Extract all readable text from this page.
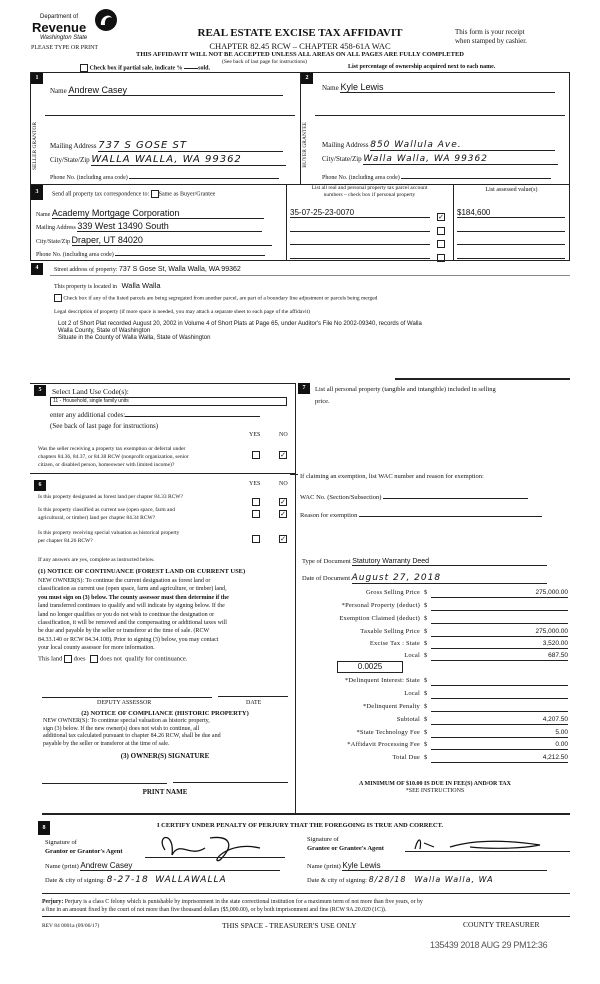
Department of
Revenue
Washington State	REAL ESTATE EXCISE TAX AFFIDAVIT
CHAPTER 82.45 RCW – CHAPTER 458-61A WAC
THIS AFFIDAVIT WILL NOT BE ACCEPTED UNLESS ALL AREAS ON ALL PAGES ARE FULLY COMPLETED
(See back of last page for instructions)
PLEASE TYPE OR PRINT
This form is your receipt
when stamped by cashier.
Check box if partial sale, indicate %	sold.	List percentage of ownership acquired next to each name.
1	2
SELLER GRANTOR	BUYER GRANTEE
Name Andrew Casey
Mailing Address 737 S GOSE ST
City/State/Zip WALLA WALLA, WA 99362
Phone No. (including area code)
Name Kyle Lewis
Mailing Address 850 Wallula Ave.
City/State/Zip Walla Walla, WA 99362
Phone No. (including area code)
3	Send all property tax correspondence to: Same as Buyer/Grantee
Name Academy Mortgage Corporation
Mailing Address 339 West 13490 South
City/State/Zip Draper, UT 84020
Phone No. (including area code)
List all real and personal property tax parcel account
numbers – check box if personal property
List assessed value(s)
35-07-25-23-0070
✓
$184,600
4	Street address of property: 737 S Gose St, Walla Walla, WA 99362
This property is located in Walla Walla
Check box if any of the listed parcels are being segregated from another parcel, are part of a boundary line adjustment or parcels being merged
Legal description of property (if more space is needed, you may attach a separate sheet to each page of the affidavit)
Lot 2 of Short Plat recorded August 20, 2002 in Volume 4 of Short Plats at Page 65, under Auditor's File No 2002-09340, records of Walla
Walla County, State of Washington
Situate in the County of Walla Walla, State of Washington
5	Select Land Use Code(s):
11 - Household, single family units
enter any additional codes:
(See back of last page for instructions)
YES	NO
Was the seller receiving a property tax exemption or deferral under
chapters 84.36, 84.37, or 84.38 RCW (nonprofit organization, senior
citizen, or disabled person, homeowner with limited income)?
✓
6	YES	NO
Is this property designated as forest land per chapter 84.33 RCW?
✓
Is this property classified as current use (open space, farm and
agricultural, or timber) land per chapter 84.34 RCW?	✓
Is this property receiving special valuation as historical property
per chapter 84.26 RCW?	✓
If any answers are yes, complete as instructed below.
(1) NOTICE OF CONTINUANCE (FOREST LAND OR CURRENT USE)
NEW OWNER(S): To continue the current designation as forest land or
classification as current use (open space, farm and agriculture, or timber) land,
you must sign on (3) below. The county assessor must then determine if the
land transferred continues to qualify and will indicate by signing below. If the
land no longer qualifies or you do not wish to continue the designation or
classification, it will be removed and the compensating or additional taxes will
be due and payable by the seller or transferor at the time of sale. (RCW
84.33.140 or RCW 84.34.108). Prior to signing (3) below, you may contact
your local county assessor for more information.
This land does does not qualify for continuance.
DEPUTY ASSESSOR	DATE
(2) NOTICE OF COMPLIANCE (HISTORIC PROPERTY)
NEW OWNER(S): To continue special valuation as historic property,
sign (3) below. If the new owner(s) does not wish to continue, all
additional tax calculated pursuant to chapter 84.26 RCW, shall be due and
payable by the seller or transferor at the time of sale.
(3) OWNER(S) SIGNATURE
PRINT NAME
7	List all personal property (tangible and intangible) included in selling
price.
If claiming an exemption, list WAC number and reason for exemption:
WAC No. (Section/Subsection)
Reason for exemption
Type of Document Statutory Warranty Deed
Date of Document August 27, 2018
0.0025
Gross Selling Price $	275,000.00
*Personal Property (deduct) $
Exemption Claimed (deduct) $
Taxable Selling Price $	275,000.00
Excise Tax : State $	3,520.00
Local $	687.50
*Delinquent Interest: State $
Local $
*Delinquent Penalty $
Subtotal $	4,207.50
*State Technology Fee $	5.00
*Affidavit Processing Fee $	0.00
Total Due $	4,212.50
A MINIMUM OF $10.00 IS DUE IN FEE(S) AND/OR TAX
*SEE INSTRUCTIONS
8	I CERTIFY UNDER PENALTY OF PERJURY THAT THE FOREGOING IS TRUE AND CORRECT.
Signature of
Grantor or Grantor's Agent
Name (print) Andrew Casey
Date & city of signing: 8-27-18 WALLAWALLA
Signature of
Grantee or Grantee's Agent
Name (print) Kyle Lewis
Date & city of signing: 8/28/18 Walla Walla, WA
Perjury: Perjury is a class C felony which is punishable by imprisonment in the state correctional institution for a maximum term of not more than five years, or by
a fine in an amount fixed by the court of not more than five thousand dollars ($5,000.00), or by both imprisonment and fine (RCW 9A.20.020 (1C)).
REV 84 0001a (09/06/17)	THIS SPACE - TREASURER'S USE ONLY	COUNTY TREASURER
135439 2018 AUG 29 PM12:36
